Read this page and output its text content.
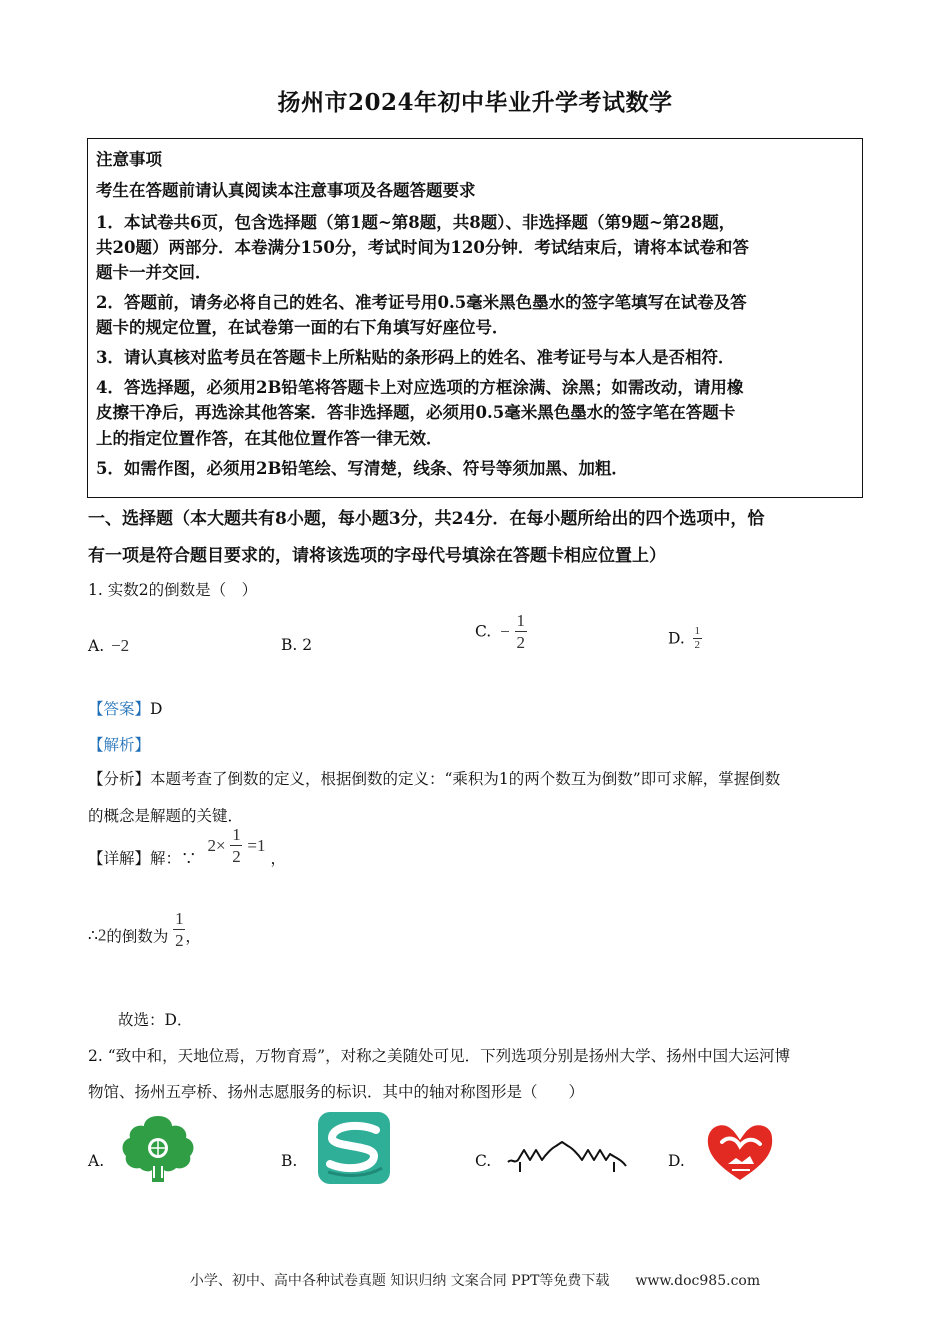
扬州市2024年初中毕业升学考试数学
注意事项
考生在答题前请认真阅读本注意事项及各题答题要求
1．本试卷共6页，包含选择题（第1题~第8题，共8题）、非选择题（第9题~第28题，
共20题）两部分．本卷满分150分，考试时间为120分钟．考试结束后，请将本试卷和答
题卡一并交回．
2．答题前，请务必将自己的姓名、准考证号用0.5毫米黑色墨水的签字笔填写在试卷及答
题卡的规定位置，在试卷第一面的右下角填写好座位号．
3．请认真核对监考员在答题卡上所粘贴的条形码上的姓名、准考证号与本人是否相符．
4．答选择题，必须用2B铅笔将答题卡上对应选项的方框涂满、涂黑；如需改动，请用橡
皮擦干净后，再选涂其他答案．答非选择题，必须用0.5毫米黑色墨水的签字笔在答题卡
上的指定位置作答，在其他位置作答一律无效．
5．如需作图，必须用2B铅笔绘、写清楚，线条、符号等须加黑、加粗．
一、选择题（本大题共有8小题，每小题3分，共24分．在每小题所给出的四个选项中，恰
有一项是符合题目要求的，请将该选项的字母代号填涂在答题卡相应位置上）
1. 实数2的倒数是（　）
A. −2	B. 2
C. − $\frac{1}{2}$	D. $\frac{1}{2}$
【答案】D
【解析】
【分析】本题考查了倒数的定义，根据倒数的定义：“乘积为1的两个数互为倒数”即可求解，掌握倒数
的概念是解题的关键．
【详解】解：∵ $2\times \frac{1}{2} =1$ ，
∴2的倒数为 $\frac{1}{2}$ ，
故选：D．
2. “致中和，天地位焉，万物育焉”，对称之美随处可见．下列选项分别是扬州大学、扬州中国大运河博
物馆、扬州五亭桥、扬州志愿服务的标识．其中的轴对称图形是（　　）
A.	B.	C.	D.
小学、初中、高中各种试卷真题 知识归纳 文案合同 PPT等免费下载 www.doc985.com
